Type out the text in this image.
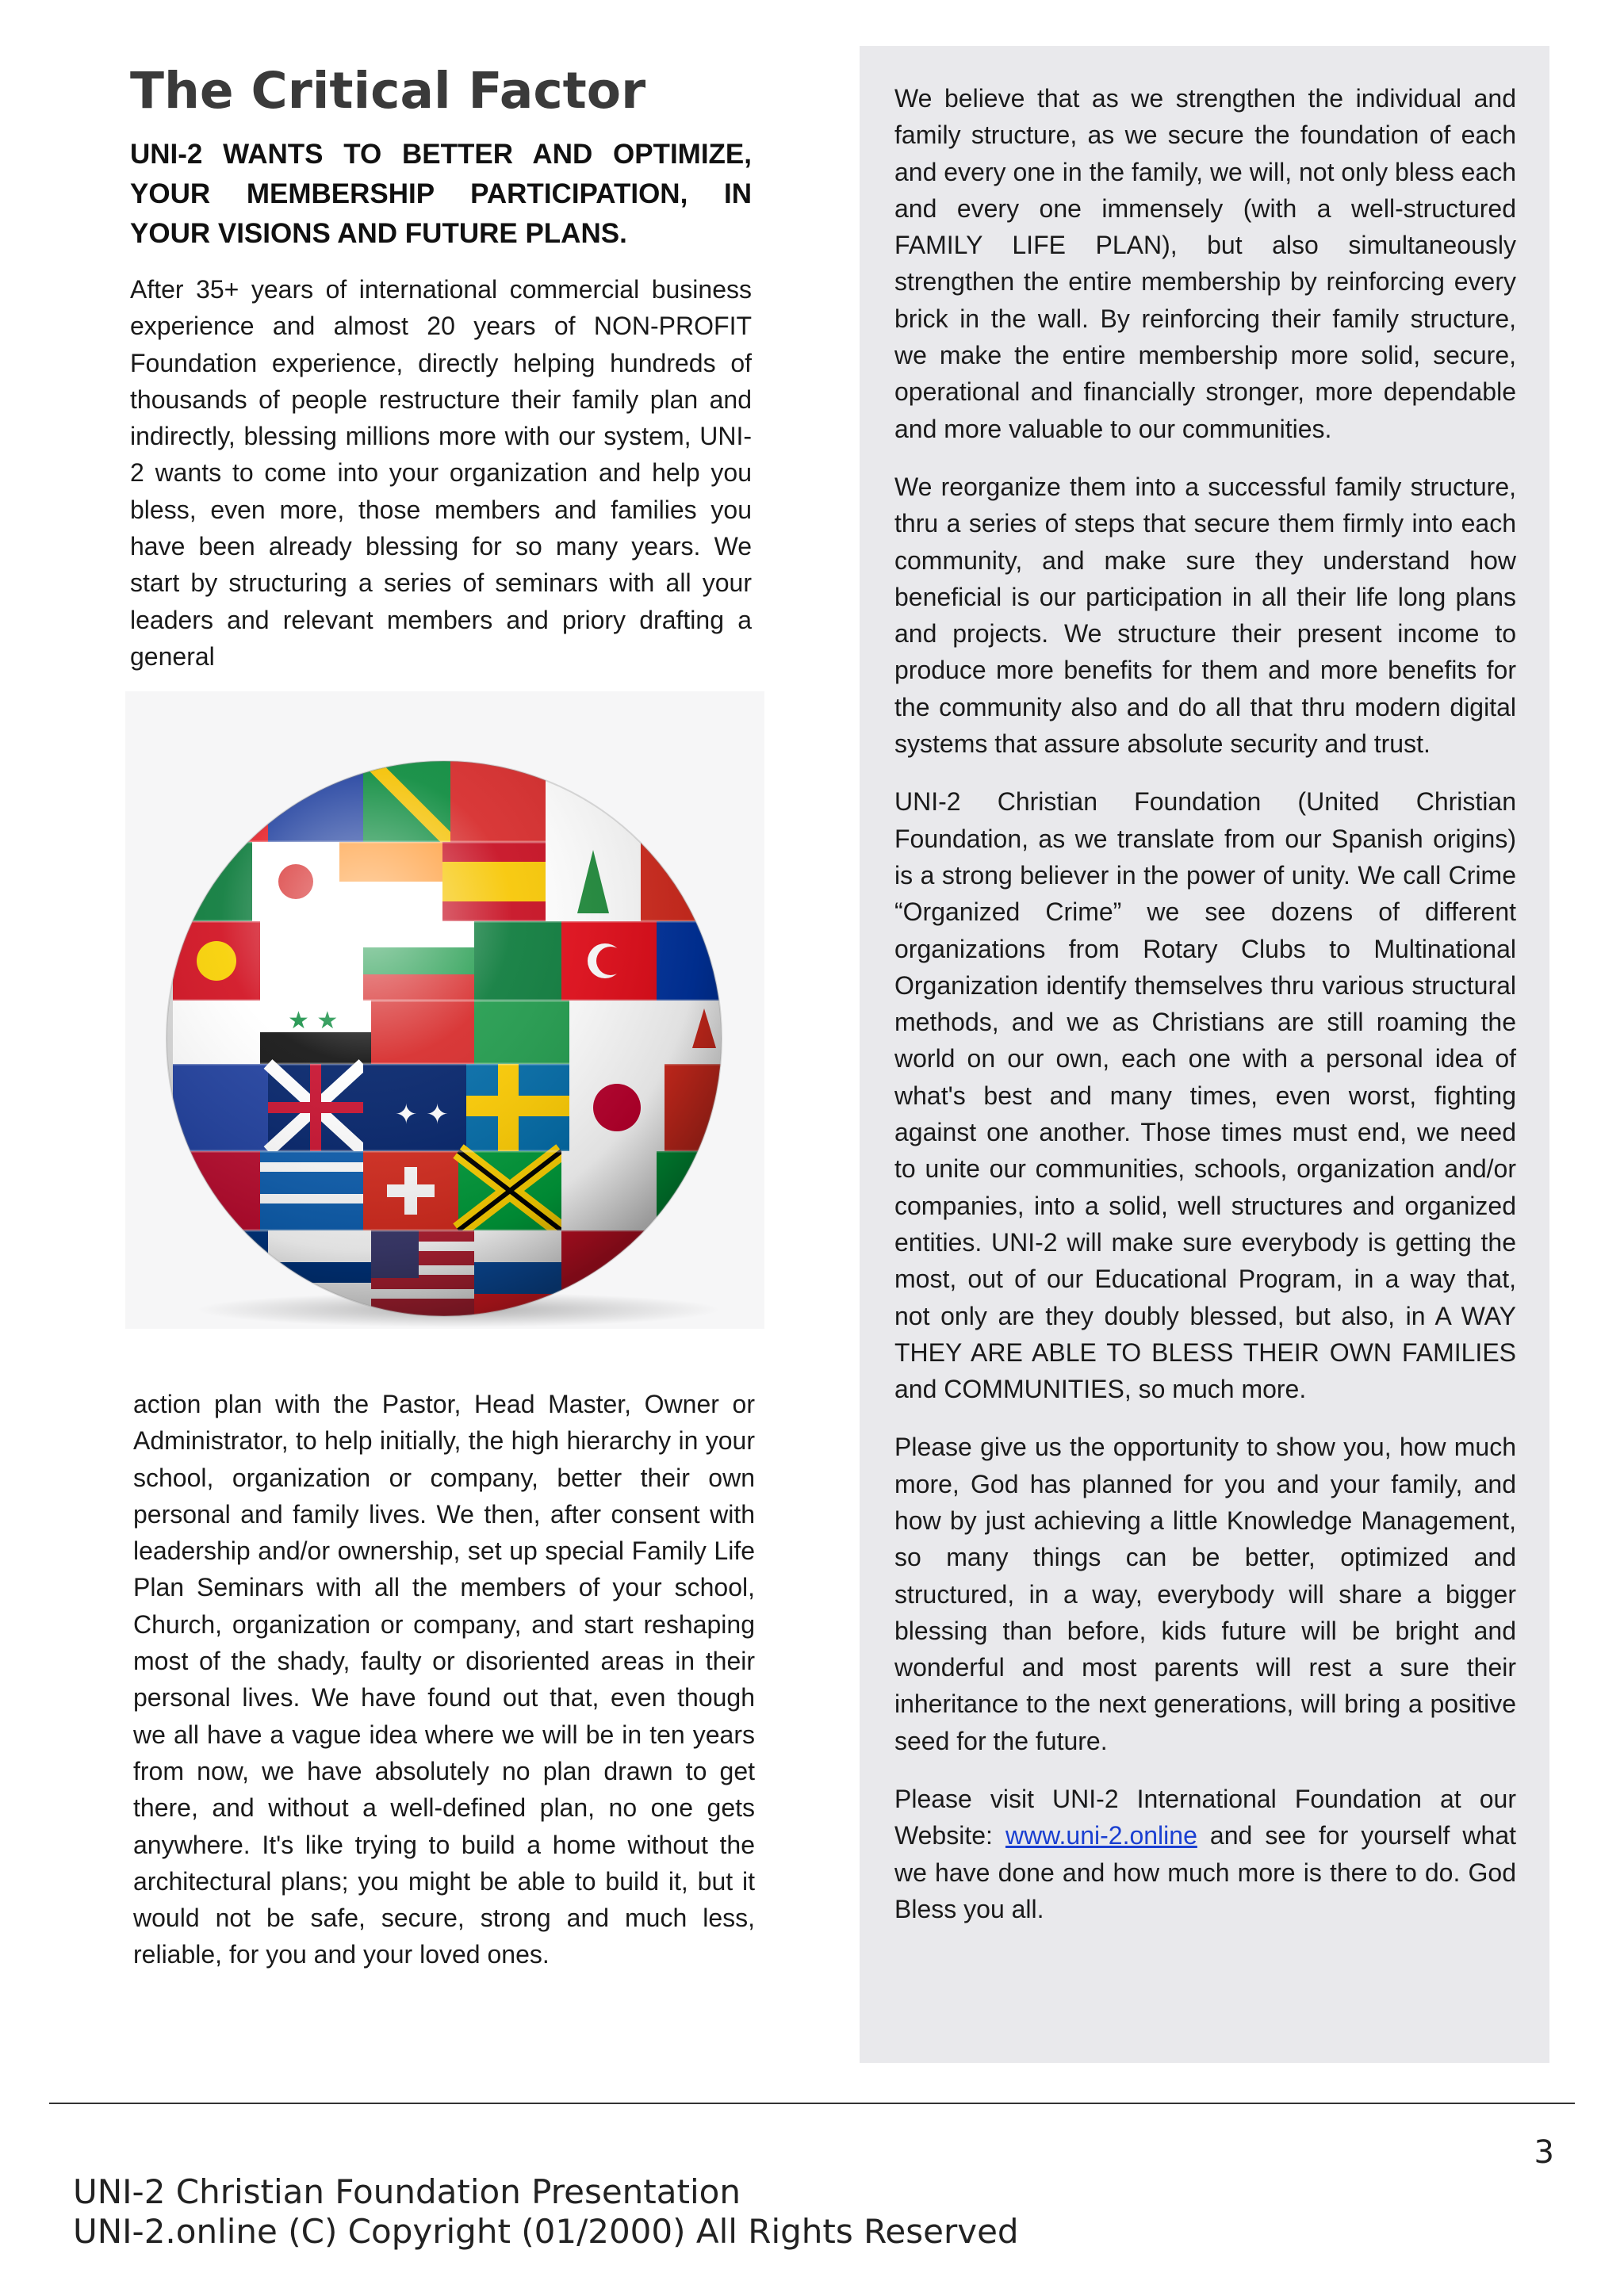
The Critical Factor
UNI-2 WANTS TO BETTER AND OPTIMIZE, YOUR MEMBERSHIP PARTICIPATION, IN YOUR VISIONS AND FUTURE PLANS.

After 35+ years of international commercial business experience and almost 20 years of NON-PROFIT Foundation experience, directly helping hundreds of thousands of people restructure their family plan and indirectly, blessing millions more with our system, UNI-2 wants to come into your organization and help you bless, even more, those members and families you have been already blessing for so many years. We start by structuring a series of seminars with all your leaders and relevant members and priory drafting a general

action plan with the Pastor, Head Master, Owner or Administrator, to help initially, the high hierarchy in your school, organization or company, better their own personal and family lives. We then, after consent with leadership and/or ownership, set up special Family Life Plan Seminars with all the members of your school, Church, organization or company, and start reshaping most of the shady, faulty or disoriented areas in their personal lives. We have found out that, even though we all have a vague idea where we will be in ten years from now, we have absolutely no plan drawn to get there, and without a well-defined plan, no one gets anywhere. It's like trying to build a home without the architectural plans; you might be able to build it, but it would not be safe, secure, strong and much less, reliable, for you and your loved ones.

We believe that as we strengthen the individual and family structure, as we secure the foundation of each and every one in the family, we will, not only bless each and every one immensely (with a well-structured FAMILY LIFE PLAN), but also simultaneously strengthen the entire membership by reinforcing every brick in the wall. By reinforcing their family structure, we make the entire membership more solid, secure, operational and financially stronger, more dependable and more valuable to our communities.

We reorganize them into a successful family structure, thru a series of steps that secure them firmly into each community, and make sure they understand how beneficial is our participation in all their life long plans and projects. We structure their present income to produce more benefits for them and more benefits for the community also and do all that thru modern digital systems that assure absolute security and trust.

UNI-2 Christian Foundation (United Christian Foundation, as we translate from our Spanish origins) is a strong believer in the power of unity. We call Crime “Organized Crime” we see dozens of different organizations from Rotary Clubs to Multinational Organization identify themselves thru various structural methods, and we as Christians are still roaming the world on our own, each one with a personal idea of what's best and many times, even worst, fighting against one another. Those times must end, we need to unite our communities, schools, organization and/or companies, into a solid, well structures and organized entities. UNI-2 will make sure everybody is getting the most, out of our Educational Program, in a way that, not only are they doubly blessed, but also, in A WAY THEY ARE ABLE TO BLESS THEIR OWN FAMILIES and COMMUNITIES, so much more.

Please give us the opportunity to show you, how much more, God has planned for you and your family, and how by just achieving a little Knowledge Management, so many things can be better, optimized and structured, in a way, everybody will share a bigger blessing than before, kids future will be bright and wonderful and most parents will rest a sure their inheritance to the next generations, will bring a positive seed for the future.

Please visit UNI-2 International Foundation at our Website: www.uni-2.online and see for yourself what we have done and how much more is there to do. God Bless you all.

3
UNI-2 Christian Foundation Presentation
UNI-2.online (C) Copyright (01/2000) All Rights Reserved
